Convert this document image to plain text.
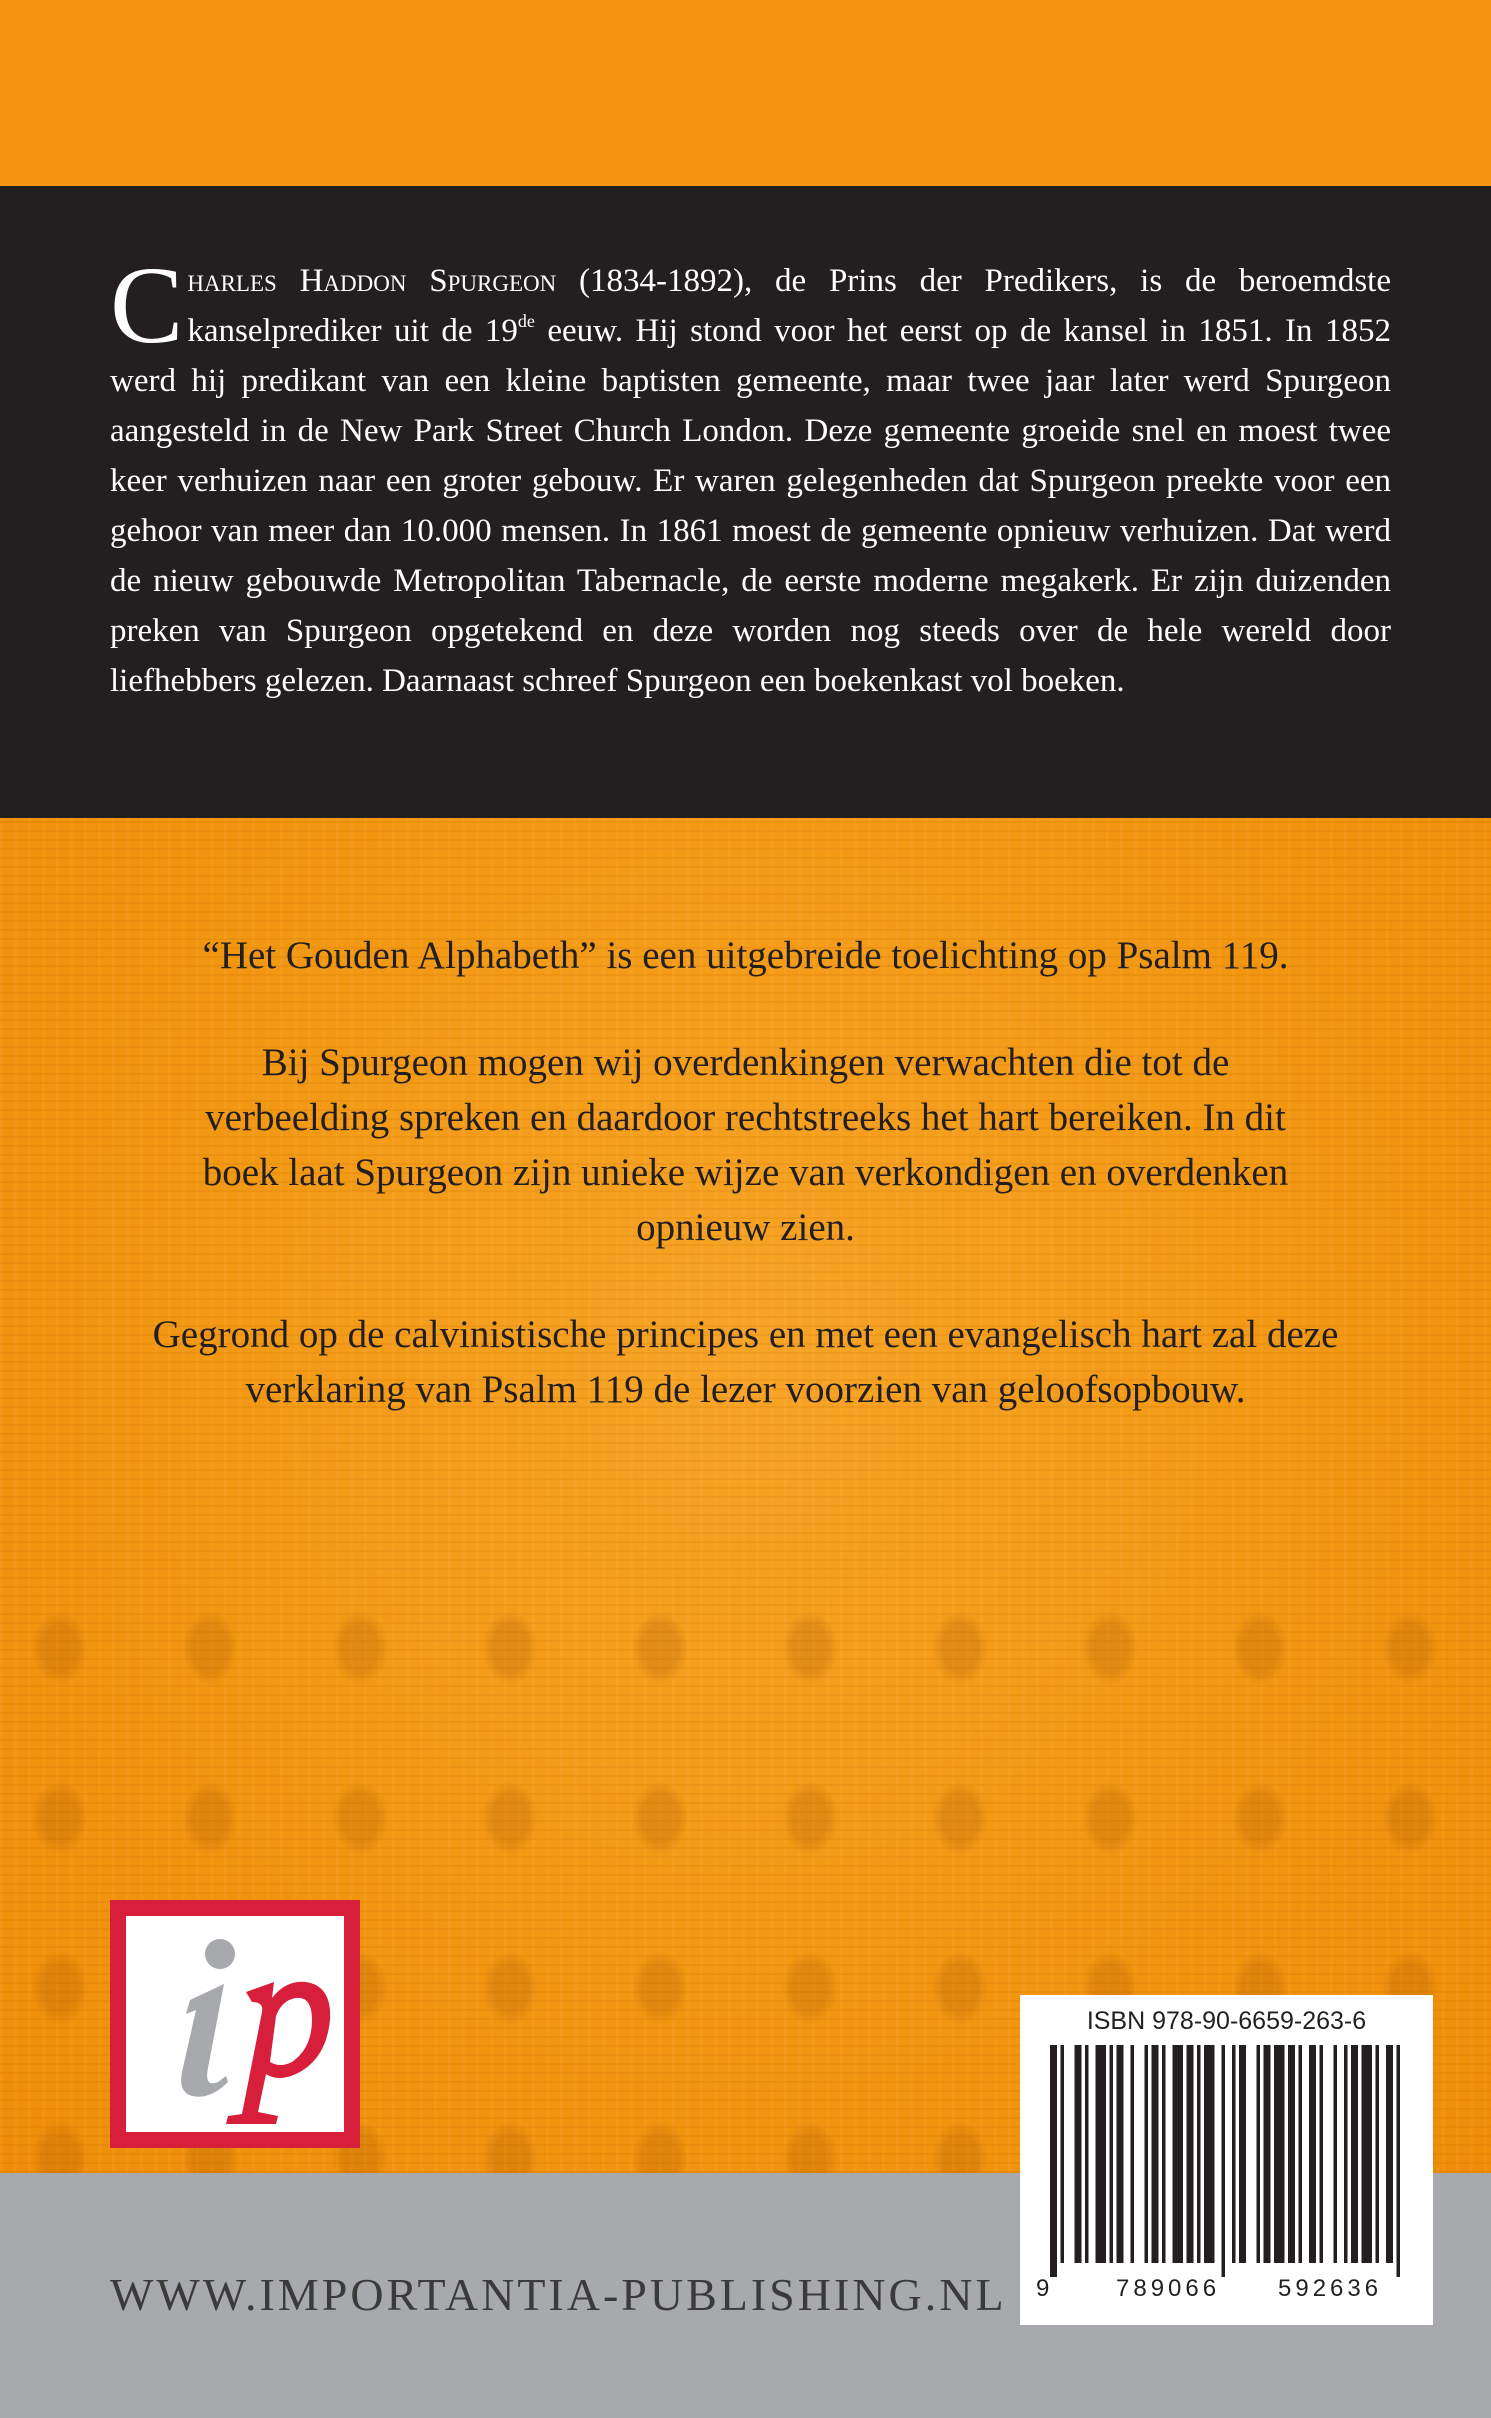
Charles Haddon Spurgeon (1834-1892), de Prins der Predikers, is de beroemdste kanselprediker uit de 19de eeuw. Hij stond voor het eerst op de kansel in 1851. In 1852 werd hij predikant van een kleine baptisten gemeente, maar twee jaar later werd Spurgeon aangesteld in de New Park Street Church London. Deze gemeente groeide snel en moest twee keer verhuizen naar een groter gebouw. Er waren gelegenheden dat Spurgeon preekte voor een gehoor van meer dan 10.000 mensen. In 1861 moest de gemeente opnieuw verhuizen. Dat werd de nieuw gebouwde Metropolitan Tabernacle, de eerste moderne megakerk. Er zijn duizenden preken van Spurgeon opgetekend en deze worden nog steeds over de hele wereld door liefhebbers gelezen. Daarnaast schreef Spurgeon een boekenkast vol boeken.

“Het Gouden Alphabeth” is een uitgebreide toelichting op Psalm 119.

Bij Spurgeon mogen wij overdenkingen verwachten die tot de verbeelding spreken en daardoor rechtstreeks het hart bereiken. In dit boek laat Spurgeon zijn unieke wijze van verkondigen en overdenken opnieuw zien.

Gegrond op de calvinistische principes en met een evangelisch hart zal deze verklaring van Psalm 119 de lezer voorzien van geloofsopbouw.

WWW.IMPORTANTIA-PUBLISHING.NL
ISBN 978-90-6659-263-6
9	789066 592636
